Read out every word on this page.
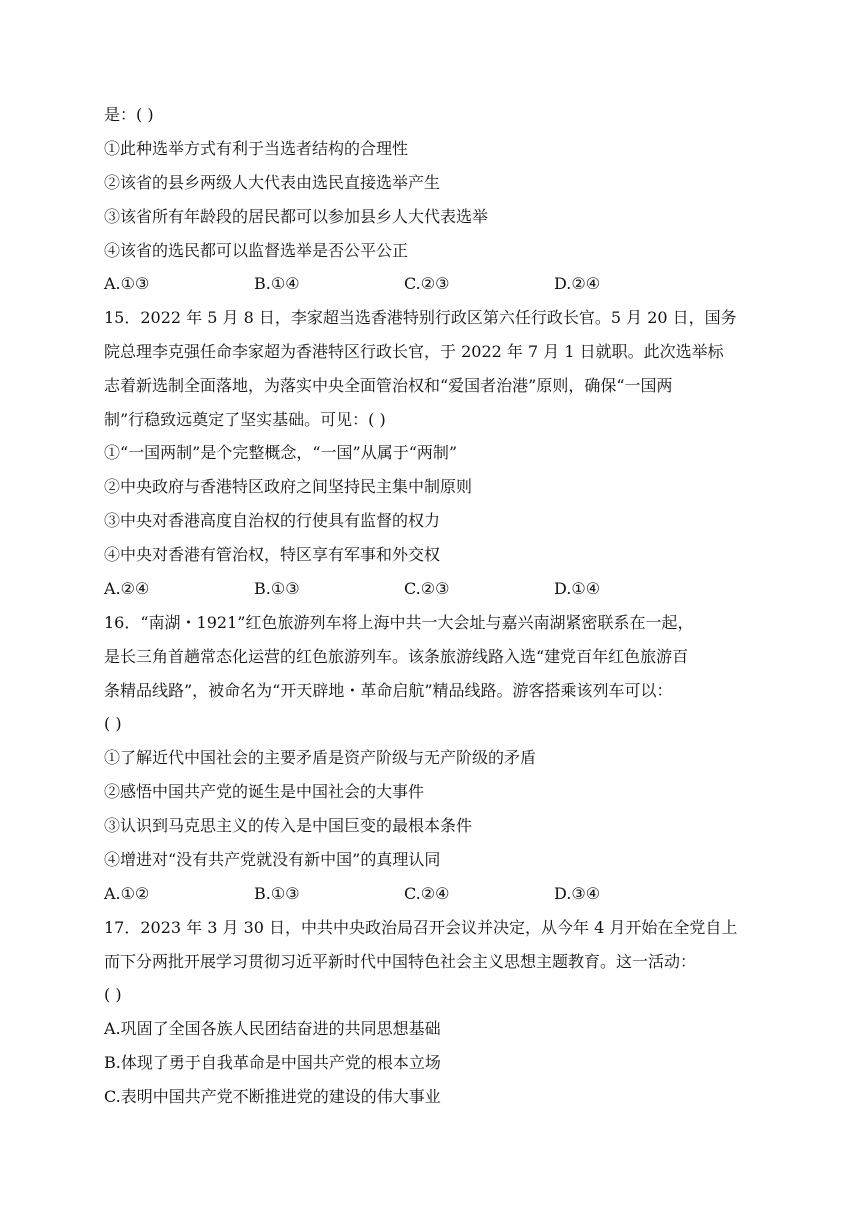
是：( )
①此种选举方式有利于当选者结构的合理性
②该省的县乡两级人大代表由选民直接选举产生
③该省所有年龄段的居民都可以参加县乡人大代表选举
④该省的选民都可以监督选举是否公平公正
A.①③	B.①④	C.②③	D.②④
15．2022 年 5 月 8 日，李家超当选香港特别行政区第六任行政长官。5 月 20 日，国务
院总理李克强任命李家超为香港特区行政长官，于 2022 年 7 月 1 日就职。此次选举标
志着新选制全面落地，为落实中央全面管治权和“爱国者治港”原则，确保“一国两
制”行稳致远奠定了坚实基础。可见：( )
①“一国两制”是个完整概念，“一国”从属于“两制”
②中央政府与香港特区政府之间坚持民主集中制原则
③中央对香港高度自治权的行使具有监督的权力
④中央对香港有管治权，特区享有军事和外交权
A.②④	B.①③	C.②③	D.①④
16．“南湖・1921”红色旅游列车将上海中共一大会址与嘉兴南湖紧密联系在一起，
是长三角首趟常态化运营的红色旅游列车。该条旅游线路入选“建党百年红色旅游百
条精品线路”，被命名为“开天辟地・革命启航”精品线路。游客搭乘该列车可以：
( )
①了解近代中国社会的主要矛盾是资产阶级与无产阶级的矛盾
②感悟中国共产党的诞生是中国社会的大事件
③认识到马克思主义的传入是中国巨变的最根本条件
④增进对“没有共产党就没有新中国”的真理认同
A.①②	B.①③	C.②④	D.③④
17．2023 年 3 月 30 日，中共中央政治局召开会议并决定，从今年 4 月开始在全党自上
而下分两批开展学习贯彻习近平新时代中国特色社会主义思想主题教育。这一活动：
( )
A.巩固了全国各族人民团结奋进的共同思想基础
B.体现了勇于自我革命是中国共产党的根本立场
C.表明中国共产党不断推进党的建设的伟大事业
